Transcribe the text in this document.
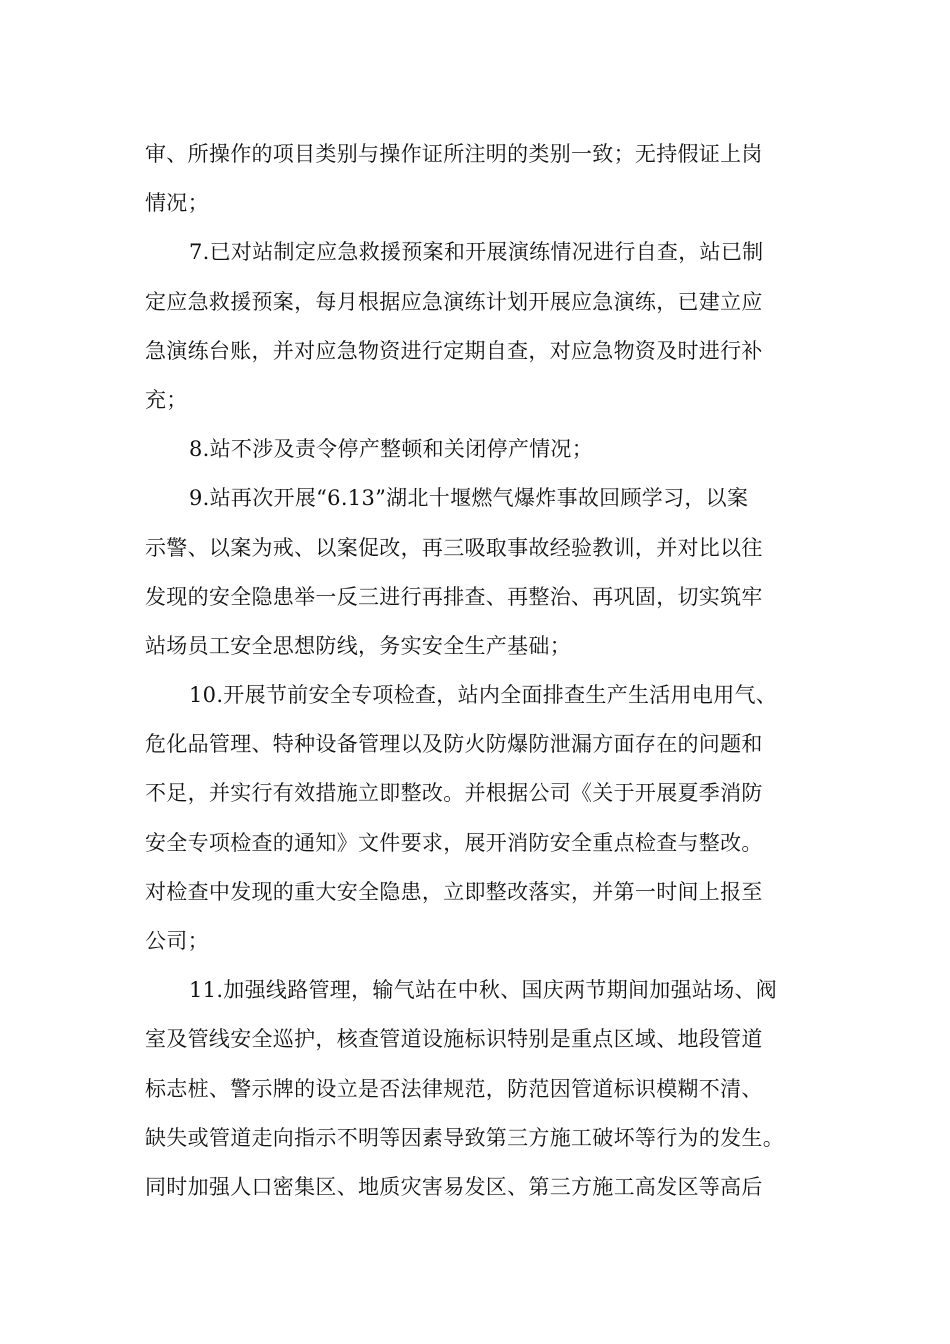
审、所操作的项目类别与操作证所注明的类别一致；无持假证上岗
情况；
7.已对站制定应急救援预案和开展演练情况进行自查，站已制
定应急救援预案，每月根据应急演练计划开展应急演练，已建立应
急演练台账，并对应急物资进行定期自查，对应急物资及时进行补
充；
8.站不涉及责令停产整顿和关闭停产情况；
9.站再次开展“6.13”湖北十堰燃气爆炸事故回顾学习，以案
示警、以案为戒、以案促改，再三吸取事故经验教训，并对比以往
发现的安全隐患举一反三进行再排查、再整治、再巩固，切实筑牢
站场员工安全思想防线，务实安全生产基础；
10.开展节前安全专项检查，站内全面排查生产生活用电用气、
危化品管理、特种设备管理以及防火防爆防泄漏方面存在的问题和
不足，并实行有效措施立即整改。并根据公司《关于开展夏季消防
安全专项检查的通知》文件要求，展开消防安全重点检查与整改。
对检查中发现的重大安全隐患，立即整改落实，并第一时间上报至
公司；
11.加强线路管理，输气站在中秋、国庆两节期间加强站场、阀
室及管线安全巡护，核查管道设施标识特别是重点区域、地段管道
标志桩、警示牌的设立是否法律规范，防范因管道标识模糊不清、
缺失或管道走向指示不明等因素导致第三方施工破坏等行为的发生。
同时加强人口密集区、地质灾害易发区、第三方施工高发区等高后
